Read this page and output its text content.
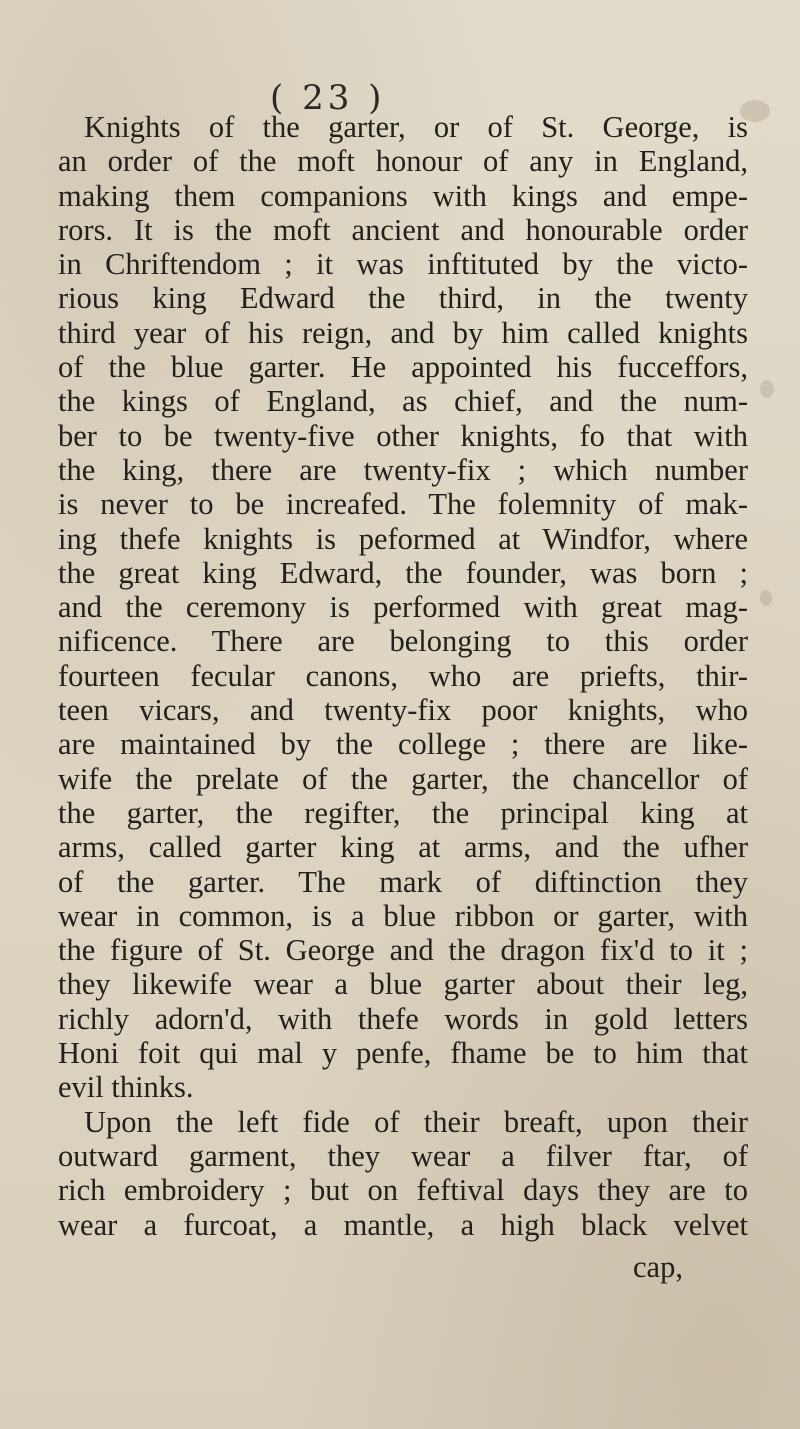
( 23 )
Knights of the garter, or of St. George, is
an order of the moft honour of any in England,
making them companions with kings and empe-
rors. It is the moft ancient and honourable order
in Chriftendom ; it was inftituted by the victo-
rious king Edward the third, in the twenty
third year of his reign, and by him called knights
of the blue garter. He appointed his fucceffors,
the kings of England, as chief, and the num-
ber to be twenty-five other knights, fo that with
the king, there are twenty-fix ; which number
is never to be increafed. The folemnity of mak-
ing thefe knights is peformed at Windfor, where
the great king Edward, the founder, was born ;
and the ceremony is performed with great mag-
nificence. There are belonging to this order
fourteen fecular canons, who are priefts, thir-
teen vicars, and twenty-fix poor knights, who
are maintained by the college ; there are like-
wife the prelate of the garter, the chancellor of
the garter, the regifter, the principal king at
arms, called garter king at arms, and the ufher
of the garter. The mark of diftinction they
wear in common, is a blue ribbon or garter, with
the figure of St. George and the dragon fix'd to it ;
they likewife wear a blue garter about their leg,
richly adorn'd, with thefe words in gold letters
Honi foit qui mal y penfe, fhame be to him that
evil thinks.
Upon the left fide of their breaft, upon their
outward garment, they wear a filver ftar, of
rich embroidery ; but on feftival days they are to
wear a furcoat, a mantle, a high black velvet
cap,
